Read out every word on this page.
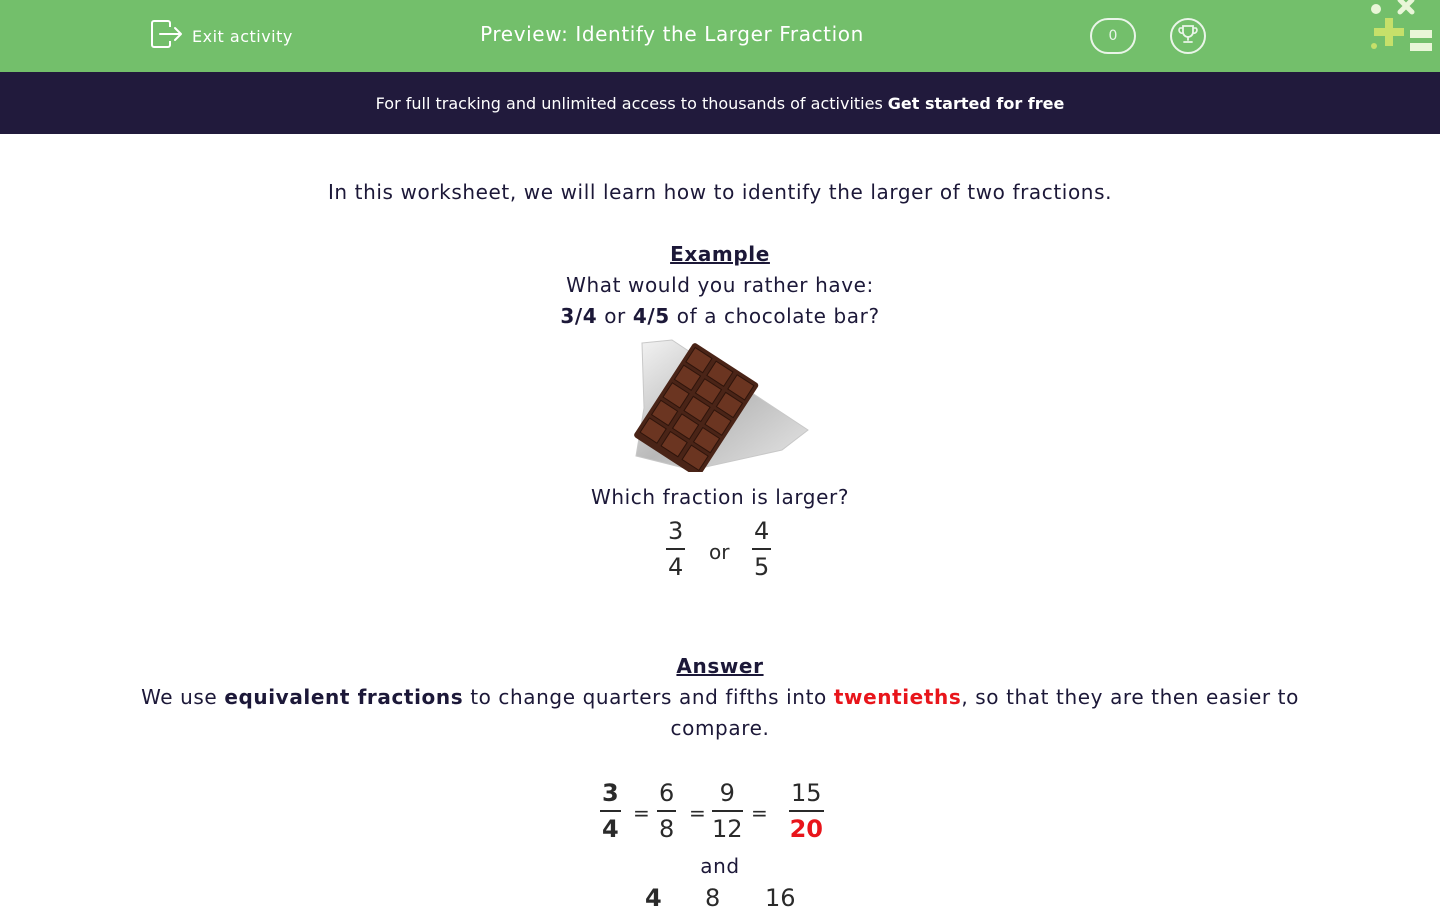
Exit activity	Preview: Identify the Larger Fraction	0
For full tracking and unlimited access to thousands of activities Get started for free
In this worksheet, we will learn how to identify the larger of two fractions.
Example
What would you rather have:
3/4 or 4/5 of a chocolate bar?
Which fraction is larger?
$\frac{3}{4}$ or $\frac{4}{5}$
Answer
We use equivalent fractions to change quarters and fifths into twentieths, so that they are then easier to
compare.
$\frac{3}{4} = \frac{6}{8} = \frac{9}{12} = \frac{15}{20}$
and
4 8 16
